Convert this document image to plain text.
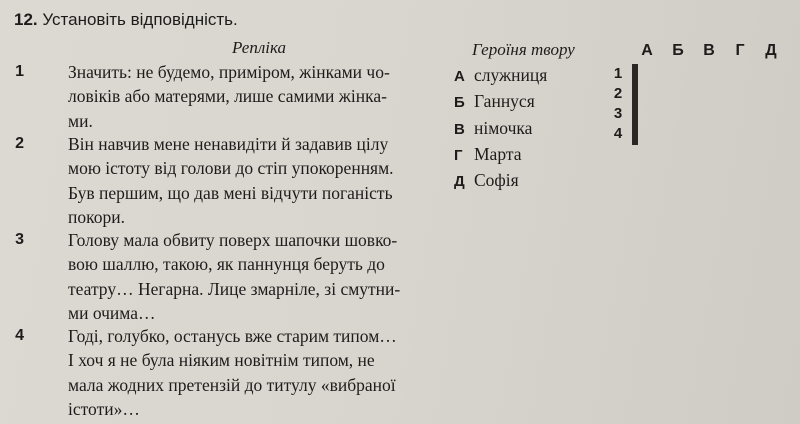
12. Установіть відповідність.
Репліка	Героїня твору
1	Значить: не будемо, приміром, жінками чо-
ловіків або матерями, лише самими жінка-
ми.
2	Він навчив мене ненавидіти й задавив цілу
мою істоту від голови до стіп упокоренням.
Був першим, що дав мені відчути поганість
покори.
3	Голову мала обвиту поверх шапочки шовко-
вою шаллю, такою, як паннунця беруть до
театру… Негарна. Лице змарніле, зі смутни-
ми очима…
4	Годі, голубко, останусь вже старим типом…
І хоч я не була ніяким новітнім типом, не
мала жодних претензій до титулу «вибраної
істоти»…
А служниця
Б Ганнуся
В німочка
Г Марта
Д Софія
А	Б	В	Г	Д
1
2
3
4
